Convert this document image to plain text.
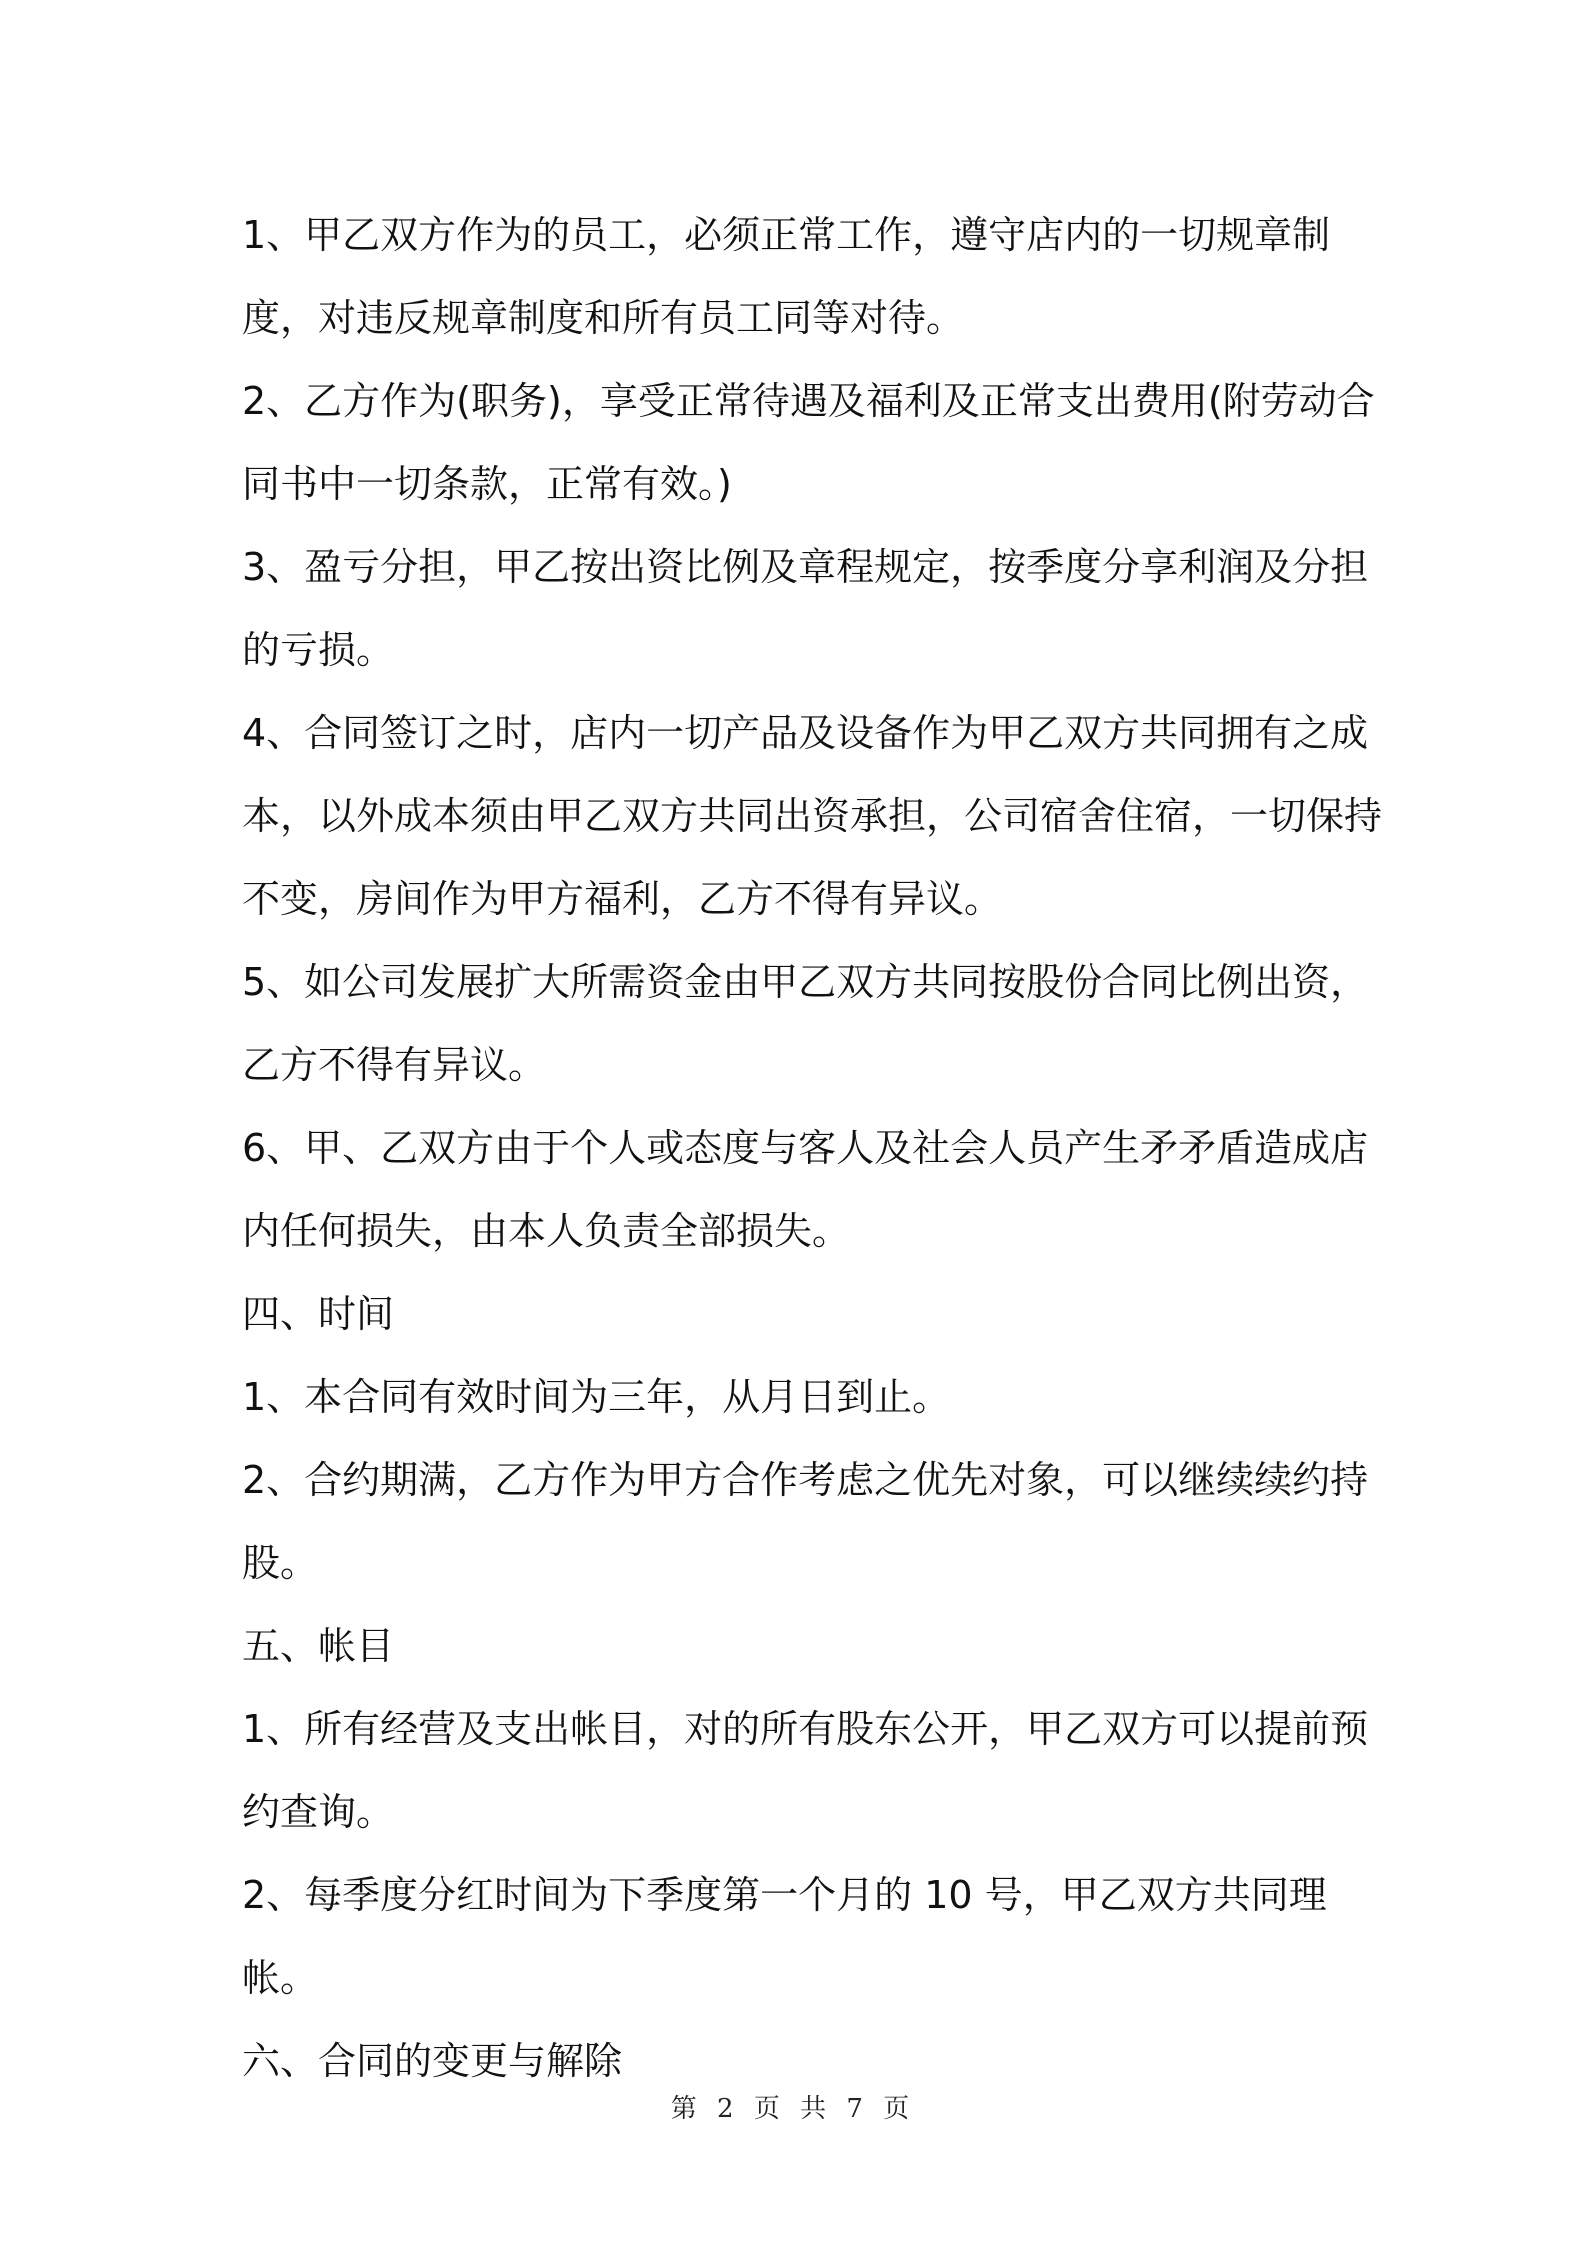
1、甲乙双方作为的员工，必须正常工作，遵守店内的一切规章制度，对违反规章制度和所有员工同等对待。

2、乙方作为(职务)，享受正常待遇及福利及正常支出费用(附劳动合同书中一切条款，正常有效。)

3、盈亏分担，甲乙按出资比例及章程规定，按季度分享利润及分担的亏损。

4、合同签订之时，店内一切产品及设备作为甲乙双方共同拥有之成本，以外成本须由甲乙双方共同出资承担，公司宿舍住宿，一切保持不变，房间作为甲方福利，乙方不得有异议。

5、如公司发展扩大所需资金由甲乙双方共同按股份合同比例出资，乙方不得有异议。

6、甲、乙双方由于个人或态度与客人及社会人员产生矛矛盾造成店内任何损失，由本人负责全部损失。

四、时间

1、本合同有效时间为三年，从月日到止。

2、合约期满，乙方作为甲方合作考虑之优先对象，可以继续续约持股。

五、帐目

1、所有经营及支出帐目，对的所有股东公开，甲乙双方可以提前预约查询。

2、每季度分红时间为下季度第一个月的 10 号，甲乙双方共同理帐。

六、合同的变更与解除

第 2 页 共 7 页
